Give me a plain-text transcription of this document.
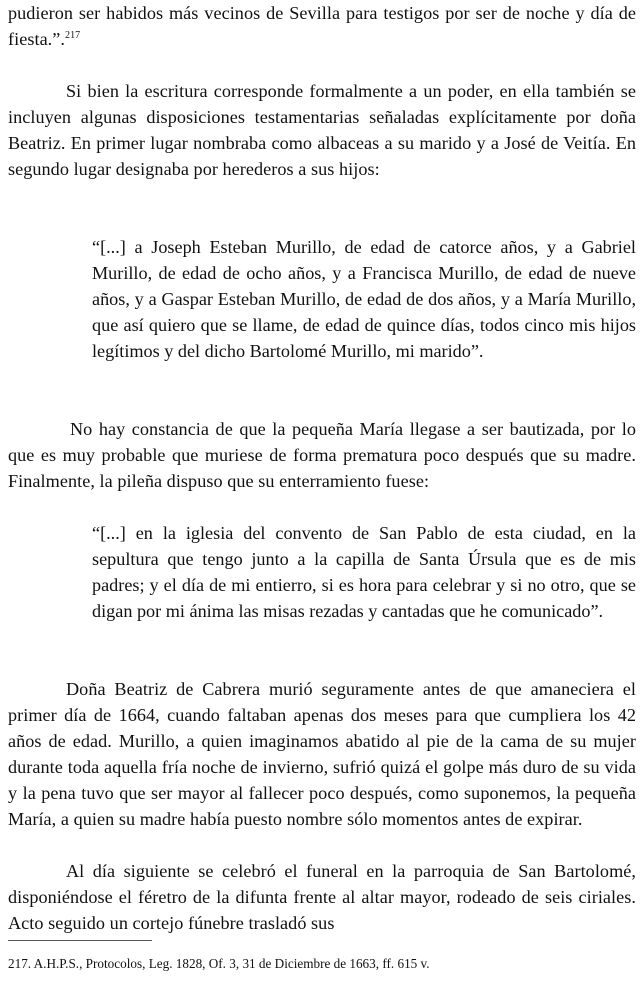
pudieron ser habidos más vecinos de Sevilla para testigos por ser de noche y día de fiesta.”.$^{217}$

Si bien la escritura corresponde formalmente a un poder, en ella también se incluyen algunas disposiciones testamentarias señaladas explícitamente por doña Beatriz. En primer lugar nombraba como albaceas a su marido y a José de Veitía. En segundo lugar designaba por herederos a sus hijos:

“[...] a Joseph Esteban Murillo, de edad de catorce años, y a Gabriel Murillo, de edad de ocho años, y a Francisca Murillo, de edad de nueve años, y a Gaspar Esteban Murillo, de edad de dos años, y a María Murillo, que así quiero que se llame, de edad de quince días, todos cinco mis hijos legítimos y del dicho Bartolomé Murillo, mi marido”.

No hay constancia de que la pequeña María llegase a ser bautizada, por lo que es muy probable que muriese de forma prematura poco después que su madre. Finalmente, la pileña dispuso que su enterramiento fuese:

“[...] en la iglesia del convento de San Pablo de esta ciudad, en la sepultura que tengo junto a la capilla de Santa Úrsula que es de mis padres; y el día de mi entierro, si es hora para celebrar y si no otro, que se digan por mi ánima las misas rezadas y cantadas que he comunicado”.

Doña Beatriz de Cabrera murió seguramente antes de que amaneciera el primer día de 1664, cuando faltaban apenas dos meses para que cumpliera los 42 años de edad. Murillo, a quien imaginamos abatido al pie de la cama de su mujer durante toda aquella fría noche de invierno, sufrió quizá el golpe más duro de su vida y la pena tuvo que ser mayor al fallecer poco después, como suponemos, la pequeña María, a quien su madre había puesto nombre sólo momentos antes de expirar.

Al día siguiente se celebró el funeral en la parroquia de San Bartolomé, disponiéndose el féretro de la difunta frente al altar mayor, rodeado de seis ciriales. Acto seguido un cortejo fúnebre trasladó sus

217. A.H.P.S., Protocolos, Leg. 1828, Of. 3, 31 de Diciembre de 1663, ff. 615 v.
